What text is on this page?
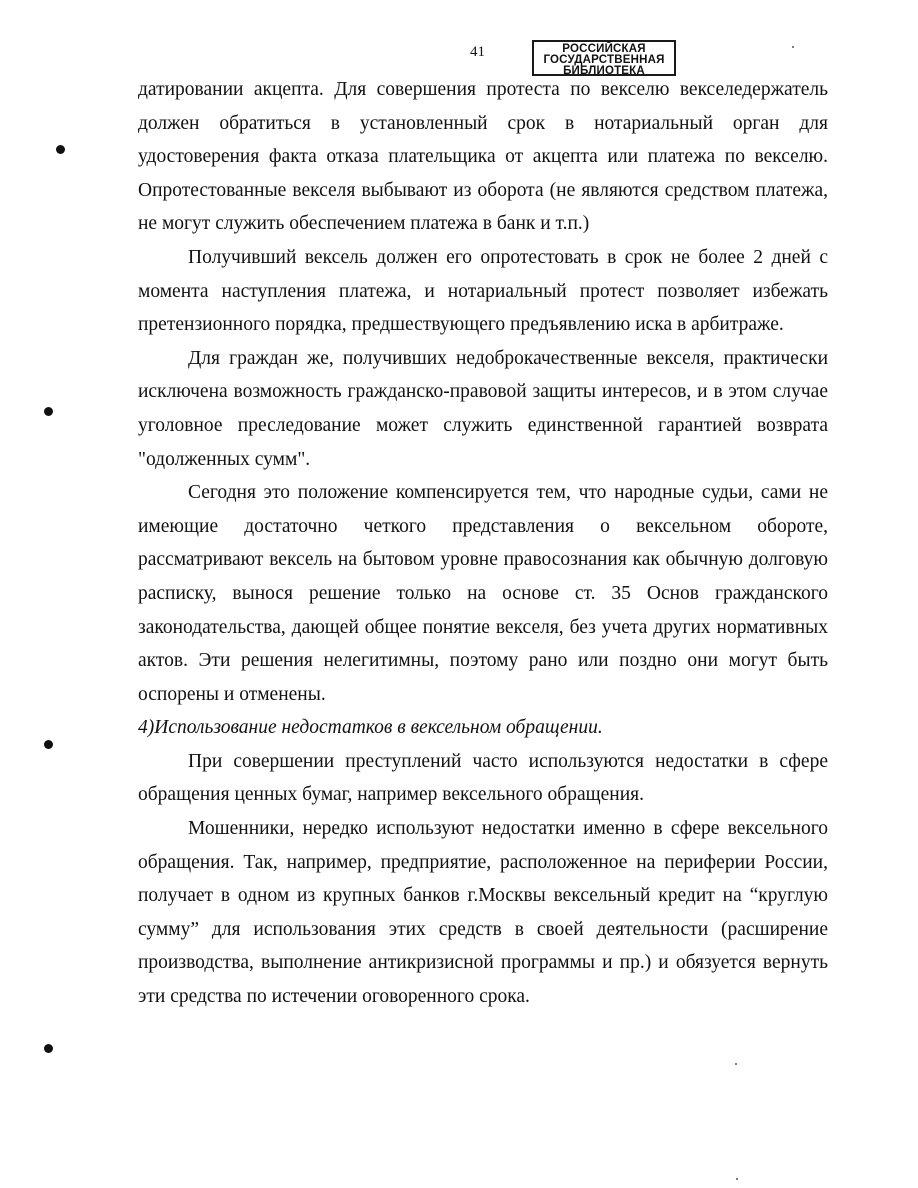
41	РОССИЙСКАЯ
ГОСУДАРСТВЕННАЯ
БИБЛИОТЕКА

датировании акцепта. Для совершения протеста по векселю векселедержатель должен обратиться в установленный срок в нотариальный орган для удостоверения факта отказа плательщика от акцепта или платежа по векселю. Опротестованные векселя выбывают из оборота (не являются средством платежа, не могут служить обеспечением платежа в банк и т.п.)

Получивший вексель должен его опротестовать в срок не более 2 дней с момента наступления платежа, и нотариальный протест позволяет избежать претензионного порядка, предшествующего предъявлению иска в арбитраже.

Для граждан же, получивших недоброкачественные векселя, практически исключена возможность гражданско-правовой защиты интересов, и в этом случае уголовное преследование может служить единственной гарантией возврата "одолженных сумм".

Сегодня это положение компенсируется тем, что народные судьи, сами не имеющие достаточно четкого представления о вексельном обороте, рассматривают вексель на бытовом уровне правосознания как обычную долговую расписку, вынося решение только на основе ст. 35 Основ гражданского законодательства, дающей общее понятие векселя, без учета других нормативных актов. Эти решения нелегитимны, поэтому рано или поздно они могут быть оспорены и отменены.

4)Использование недостатков в вексельном обращении.

При совершении преступлений часто используются недостатки в сфере обращения ценных бумаг, например вексельного обращения.

Мошенники, нередко используют недостатки именно в сфере вексельного обращения. Так, например, предприятие, расположенное на периферии России, получает в одном из крупных банков г.Москвы вексельный кредит на “круглую сумму” для использования этих средств в своей деятельности (расширение производства, выполнение антикризисной программы и пр.) и обязуется вернуть эти средства по истечении оговоренного срока.
